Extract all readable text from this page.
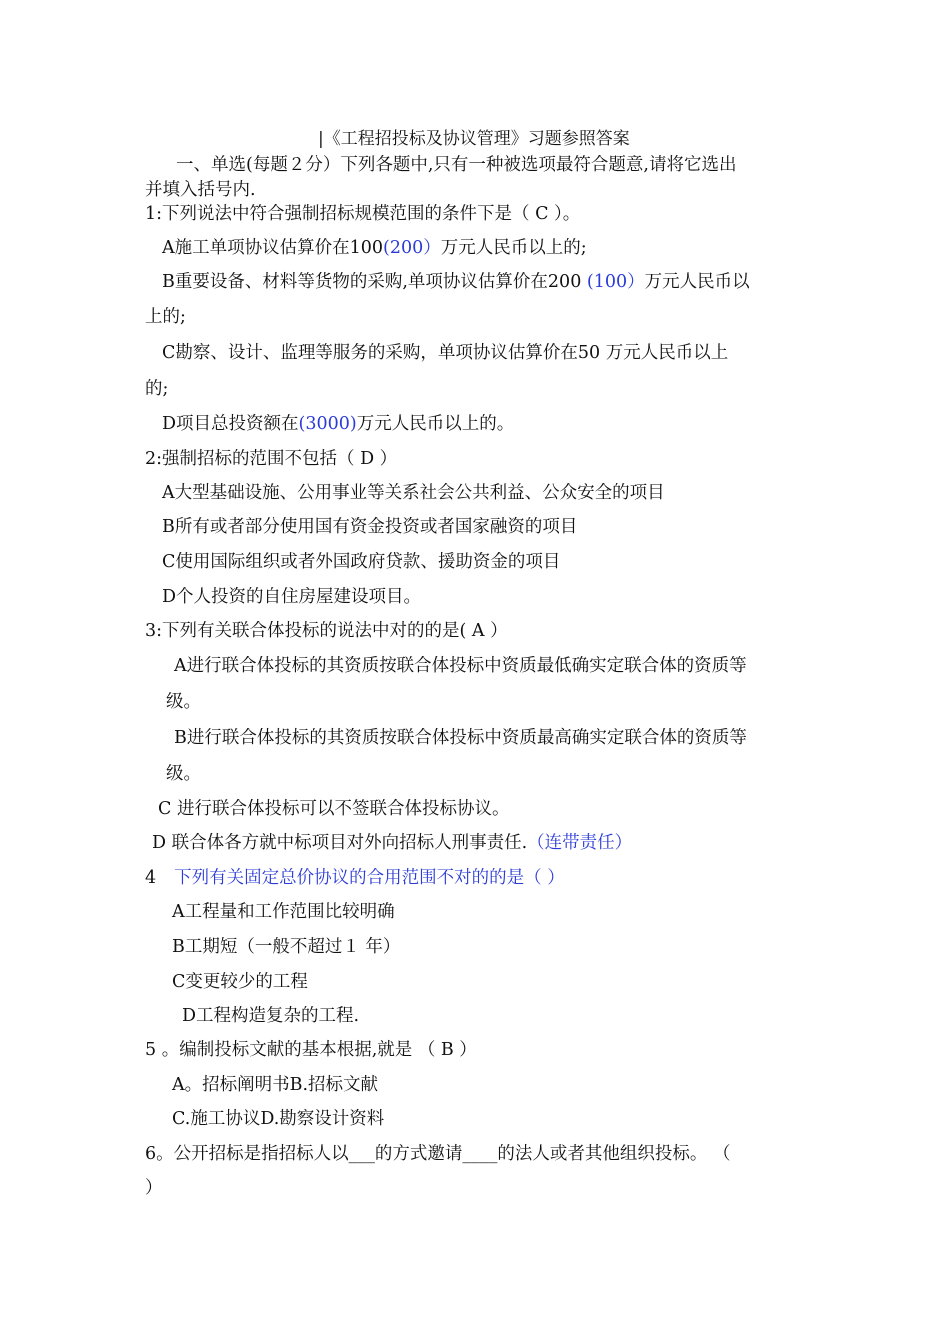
|《工程招投标及协议管理》习题参照答案
一、单选(每题２分）下列各题中,只有一种被选项最符合题意,请将它选出
并填入括号内.
1:下列说法中符合强制招标规模范围的条件下是（ C ）。
A施工单项协议估算价在100(200）万元人民币以上的;
B重要设备、材料等货物的采购,单项协议估算价在200 (100）万元人民币以
上的;
C勘察、设计、监理等服务的采购，单项协议估算价在50 万元人民币以上
的;
D项目总投资额在(3000)万元人民币以上的。
2:强制招标的范围不包括（ D ）
A大型基础设施、公用事业等关系社会公共利益、公众安全的项目
B所有或者部分使用国有资金投资或者国家融资的项目
C使用国际组织或者外国政府贷款、援助资金的项目
D个人投资的自住房屋建设项目。
3:下列有关联合体投标的说法中对的的是( A ）
A进行联合体投标的其资质按联合体投标中资质最低确实定联合体的资质等
级。
B进行联合体投标的其资质按联合体投标中资质最高确实定联合体的资质等
级。
C 进行联合体投标可以不签联合体投标协议。
D 联合体各方就中标项目对外向招标人刑事责任.（连带责任）
4 下列有关固定总价协议的合用范围不对的的是（ ）
A工程量和工作范围比较明确
B工期短（一般不超过１ 年）
C变更较少的工程
D工程构造复杂的工程.
5 。编制投标文献的基本根据,就是 （ B ）
A。招标阐明书B.招标文献
C.施工协议D.勘察设计资料
6。公开招标是指招标人以___的方式邀请____的法人或者其他组织投标。 （
）
